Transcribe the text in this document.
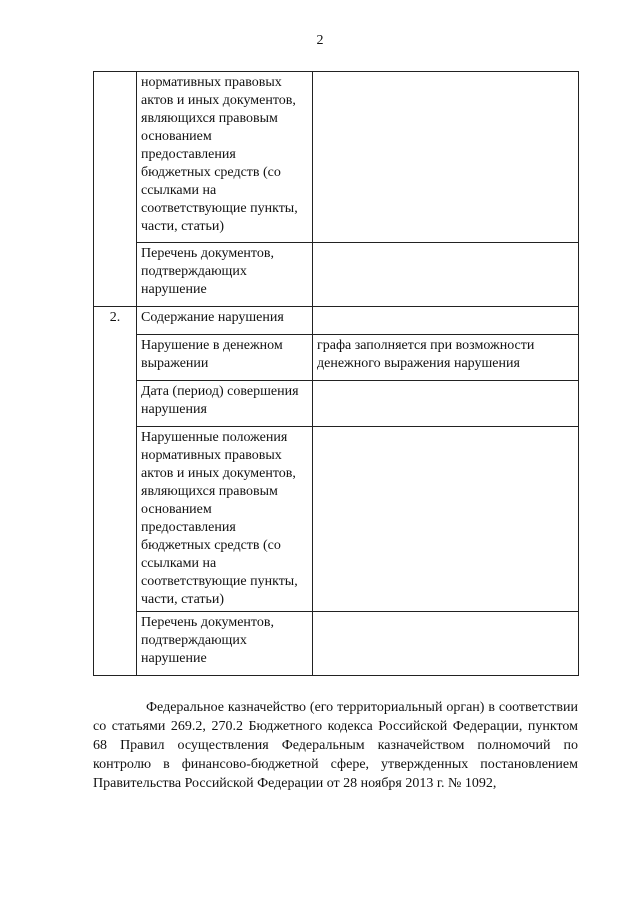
2
	нормативных правовых актов и иных документов, являющихся правовым основанием предоставления бюджетных средств (со ссылками на соответствующие пункты, части, статьи)	
	Перечень документов, подтверждающих нарушение	
2.	Содержание нарушения	
	Нарушение в денежном выражении	графа заполняется при возможности денежного выражения нарушения
	Дата (период) совершения нарушения	
	Нарушенные положения нормативных правовых актов и иных документов, являющихся правовым основанием предоставления бюджетных средств (со ссылками на соответствующие пункты, части, статьи)	
	Перечень документов, подтверждающих нарушение	

Федеральное казначейство (его территориальный орган) в соответствии со статьями 269.2, 270.2 Бюджетного кодекса Российской Федерации, пунктом 68 Правил осуществления Федеральным казначейством полномочий по контролю в финансово-бюджетной сфере, утвержденных постановлением Правительства Российской Федерации от 28 ноября 2013 г. № 1092,
